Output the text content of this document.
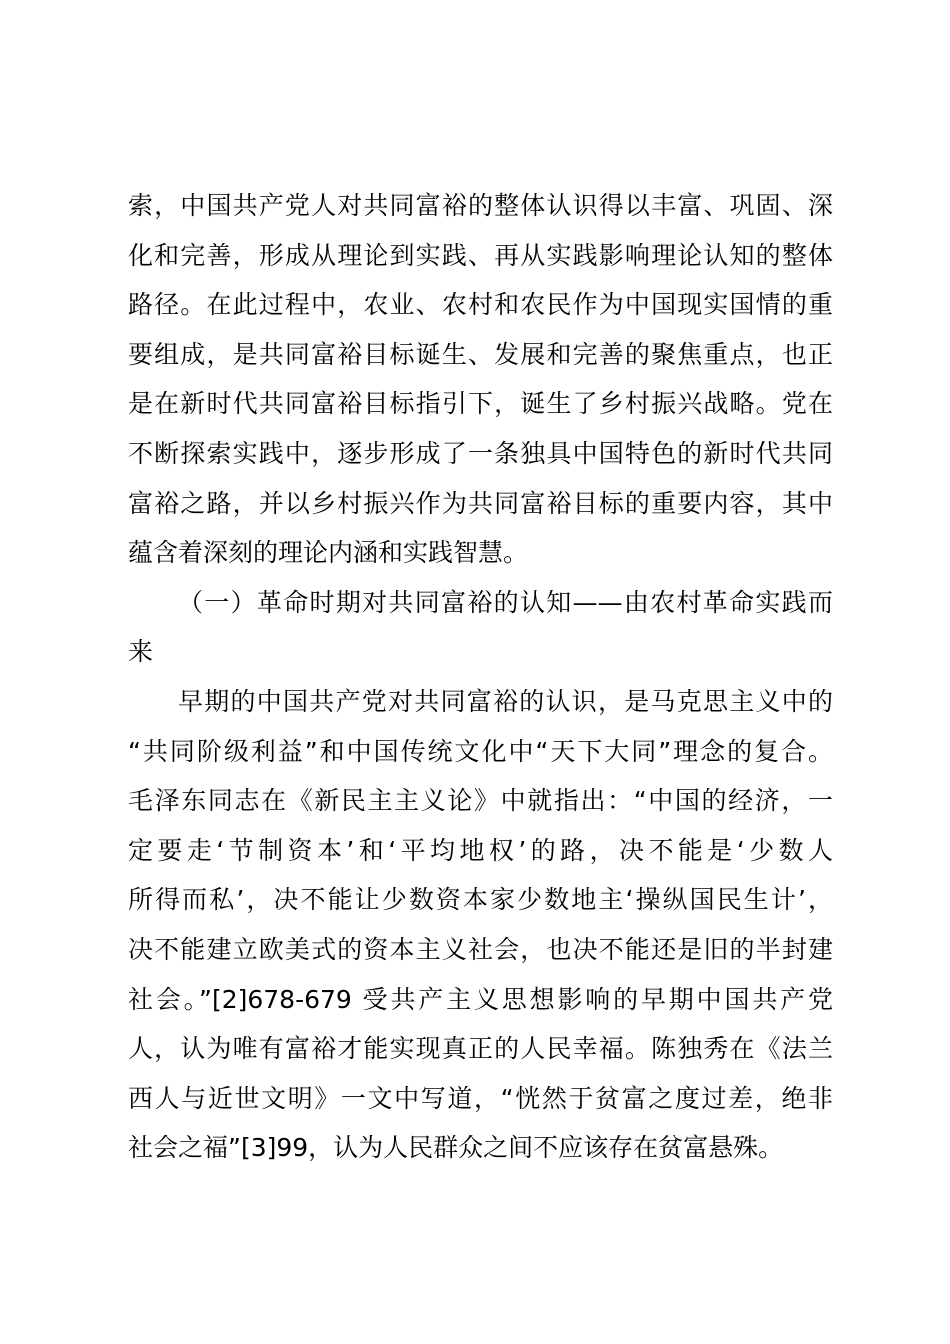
索，中国共产党人对共同富裕的整体认识得以丰富、巩固、深
化和完善，形成从理论到实践、再从实践影响理论认知的整体
路径。在此过程中，农业、农村和农民作为中国现实国情的重
要组成，是共同富裕目标诞生、发展和完善的聚焦重点，也正
是在新时代共同富裕目标指引下，诞生了乡村振兴战略。党在
不断探索实践中，逐步形成了一条独具中国特色的新时代共同
富裕之路，并以乡村振兴作为共同富裕目标的重要内容，其中
蕴含着深刻的理论内涵和实践智慧。
（一）革命时期对共同富裕的认知——由农村革命实践而
来
早期的中国共产党对共同富裕的认识，是马克思主义中的
“共同阶级利益”和中国传统文化中“天下大同”理念的复合。
毛泽东同志在《新民主主义论》中就指出：“中国的经济，一
定要走‘节制资本’和‘平均地权’的路，决不能是‘少数人
所得而私’，决不能让少数资本家少数地主‘操纵国民生计’，
决不能建立欧美式的资本主义社会，也决不能还是旧的半封建
社会。”[2]678-679 受共产主义思想影响的早期中国共产党
人，认为唯有富裕才能实现真正的人民幸福。陈独秀在《法兰
西人与近世文明》一文中写道，“恍然于贫富之度过差，绝非
社会之福”[3]99，认为人民群众之间不应该存在贫富悬殊。
